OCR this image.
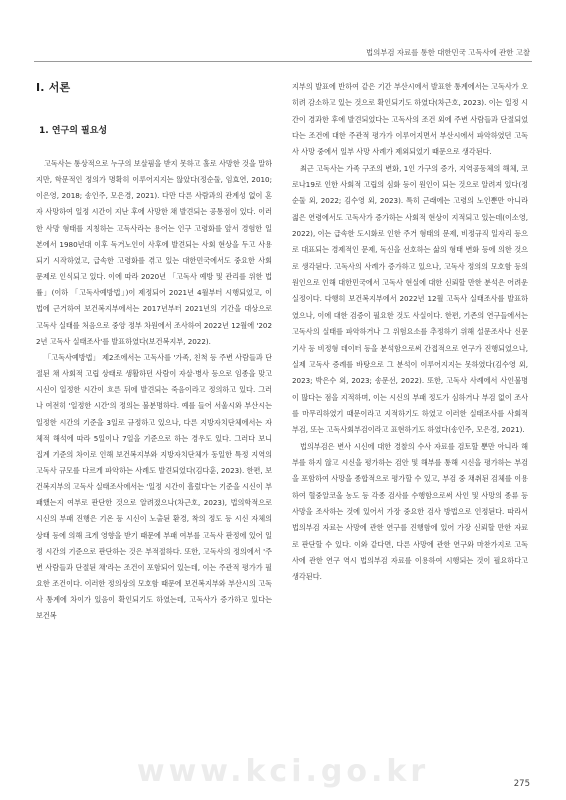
법의부검 자료를 통한 대한민국 고독사에 관한 고찰
Ⅰ. 서론
1. 연구의 필요성

고독사는 통상적으로 누구의 보살핌을 받지 못하고 홀로 사망한 것을 말하지만, 학문적인 정의가 명확히 이루어지지는 않았다(정순둘, 임효연, 2010; 이은영, 2018; 송인주, 모은경, 2021). 다만 다른 사람과의 관계성 없이 혼자 사망하여 일정 시간이 지난 후에 사망한 채 발견되는 공통점이 있다. 이러한 사망 형태를 지칭하는 고독사라는 용어는 인구 고령화를 앞서 경험한 일본에서 1980년대 이후 독거노인이 사후에 발견되는 사회 현상을 두고 사용되기 시작하였고, 급속한 고령화를 겪고 있는 대한민국에서도 중요한 사회 문제로 인식되고 있다. 이에 따라 2020년 「고독사 예방 및 관리를 위한 법률」(이하 「고독사예방법」)이 제정되어 2021년 4월부터 시행되었고, 이 법에 근거하여 보건복지부에서는 2017년부터 2021년의 기간을 대상으로 고독사 실태를 처음으로 중앙 정부 차원에서 조사하여 2022년 12월에 '2022년 고독사 실태조사'를 발표하였다(보건복지부, 2022).

「고독사예방법」 제2조에서는 고독사를 '가족, 친척 등 주변 사람들과 단절된 채 사회적 고립 상태로 생활하던 사람이 자살·병사 등으로 임종을 맞고 시신이 일정한 시간이 흐른 뒤에 발견되는 죽음이라고 정의하고 있다. 그러나 여전히 '일정한 시간'의 정의는 불분명하다. 예를 들어 서울시와 부산시는 일정한 시간의 기준을 3일로 규정하고 있으나, 다른 지방자치단체에서는 자체적 해석에 따라 5일이나 7일을 기준으로 하는 경우도 있다. 그러다 보니 집계 기준의 차이로 인해 보건복지부와 지방자치단체가 동일한 특정 지역의 고독사 규모를 다르게 파악하는 사례도 발견되었다(김다훈, 2023). 한편, 보건복지부의 고독사 실태조사에서는 '일정 시간이 흘렀다'는 기준을 시신이 부패했는지 여부로 판단한 것으로 알려졌으나(차근호, 2023), 법의학적으로 시신의 부패 진행은 기온 등 시신이 노출된 환경, 착의 정도 등 시신 자체의 상태 등에 의해 크게 영향을 받기 때문에 부패 여부를 고독사 판정에 있어 일정 시간의 기준으로 판단하는 것은 부적절하다. 또한, 고독사의 정의에서 '주변 사람들과 단절된 채'라는 조건이 포함되어 있는데, 이는 주관적 평가가 필요한 조건이다. 이러한 정의상의 모호함 때문에 보건복지부와 부산시의 고독사 통계에 차이가 있음이 확인되기도 하였는데, 고독사가 증가하고 있다는 보건복

지부의 발표에 반하여 같은 기간 부산시에서 발표한 통계에서는 고독사가 오히려 감소하고 있는 것으로 확인되기도 하였다(차근호, 2023). 이는 일정 시간이 경과한 후에 발견되었다는 고독사의 조건 외에 주변 사람들과 단절되었다는 조건에 대한 주관적 평가가 이루어지면서 부산시에서 파악하였던 고독사 사망 중에서 일부 사망 사례가 제외되었기 때문으로 생각된다.

최근 고독사는 가족 구조의 변화, 1인 가구의 증가, 지역공동체의 해체, 코로나19로 인한 사회적 고립의 심화 등이 원인이 되는 것으로 알려져 있다(정순둘 외, 2022; 김수영 외, 2023). 특히 근래에는 고령의 노인뿐만 아니라 젊은 연령에서도 고독사가 증가하는 사회적 현상이 지적되고 있는데(이소영, 2022), 이는 급속한 도시화로 인한 주거 형태의 문제, 비정규직 일자리 등으로 대표되는 경제적인 문제, 독신을 선호하는 삶의 형태 변화 등에 의한 것으로 생각된다. 고독사의 사례가 증가하고 있으나, 고독사 정의의 모호함 등의 원인으로 인해 대한민국에서 고독사 현실에 대한 신뢰할 만한 분석은 어려운 실정이다. 다행히 보건복지부에서 2022년 12월 고독사 실태조사를 발표하였으나, 이에 대한 검증이 필요한 것도 사실이다. 한편, 기존의 연구들에서는 고독사의 실태를 파악하거나 그 위험요소를 추정하기 위해 설문조사나 신문기사 등 비정형 데이터 등을 분석함으로써 간접적으로 연구가 진행되었으나, 실제 고독사 증례를 바탕으로 그 분석이 이루어지지는 못하였다(김수영 외, 2023; 박은수 외, 2023; 송문선, 2022). 또한, 고독사 사례에서 사인불명이 많다는 점을 지적하며, 이는 시신의 부패 정도가 심하거나 부검 없이 조사를 마무리하였기 때문이라고 지적하기도 하였고 이러한 실태조사를 사회적 부검, 또는 고독사회부검이라고 표현하기도 하였다(송인주, 모은경, 2021).

법의부검은 변사 시신에 대한 경찰의 수사 자료를 검토할 뿐만 아니라 해부를 하지 않고 시신을 평가하는 검안 및 해부를 통해 시신을 평가하는 부검을 포함하여 사망을 종합적으로 평가할 수 있고, 부검 중 채취된 검체를 이용하여 혈중알코올 농도 등 각종 검사를 수행함으로써 사인 및 사망의 종류 등 사망을 조사하는 것에 있어서 가장 중요한 검사 방법으로 인정된다. 따라서 법의부검 자료는 사망에 관한 연구를 진행함에 있어 가장 신뢰할 만한 자료로 판단할 수 있다. 이와 같다면, 다른 사망에 관한 연구와 마찬가지로 고독사에 관한 연구 역시 법의부검 자료를 이용하여 시행되는 것이 필요하다고 생각된다.

www.kci.go.kr	275
